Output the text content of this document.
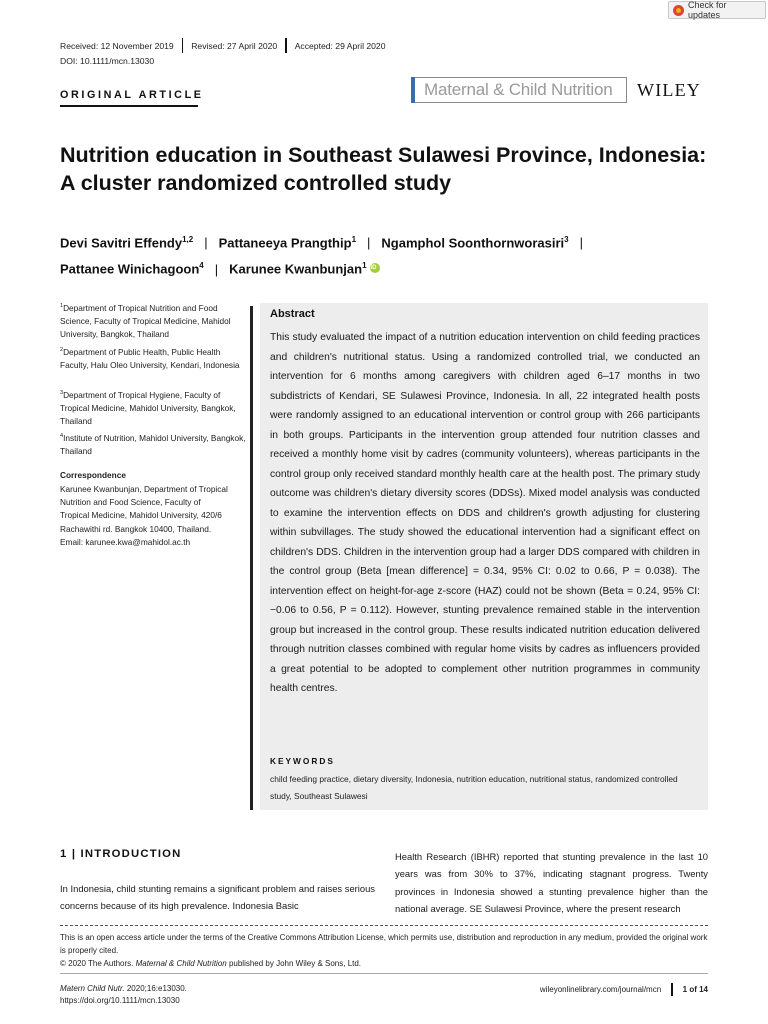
Check for updates
Received: 12 November 2019 Revised: 27 April 2020 Accepted: 29 April 2020
DOI: 10.1111/mcn.13030
ORIGINAL ARTICLE	Maternal & Child Nutrition WILEY
Nutrition education in Southeast Sulawesi Province, Indonesia:
A cluster randomized controlled study
Devi Savitri Effendy$^{1,2}$ | Pattaneeya Prangthip$^1$ | Ngamphol Soonthornworasiri$^3$ |
Pattanee Winichagoon$^4$ | Karunee Kwanbunjan$^1$iD
$^1$Department of Tropical Nutrition and Food Science, Faculty of Tropical Medicine, Mahidol University, Bangkok, Thailand
$^2$Department of Public Health, Public Health Faculty, Halu Oleo University, Kendari, Indonesia
$^3$Department of Tropical Hygiene, Faculty of Tropical Medicine, Mahidol University, Bangkok, Thailand
$^4$Institute of Nutrition, Mahidol University, Bangkok, Thailand
Correspondence
Karunee Kwanbunjan, Department of Tropical
Nutrition and Food Science, Faculty of
Tropical Medicine, Mahidol University, 420/6
Rachawithi rd. Bangkok 10400, Thailand.
Email: karunee.kwa@mahidol.ac.th
Abstract
This study evaluated the impact of a nutrition education intervention on child feeding practices and children's nutritional status. Using a randomized controlled trial, we conducted an intervention for 6 months among caregivers with children aged 6–17 months in two subdistricts of Kendari, SE Sulawesi Province, Indonesia. In all, 22 integrated health posts were randomly assigned to an educational intervention or control group with 266 participants in both groups. Participants in the intervention group attended four nutrition classes and received a monthly home visit by cadres (community volunteers), whereas participants in the control group only received standard monthly health care at the health post. The primary study outcome was children's dietary diversity scores (DDSs). Mixed model analysis was conducted to examine the intervention effects on DDS and children's growth adjusting for clustering within subvillages. The study showed the educational intervention had a significant effect on children's DDS. Children in the intervention group had a larger DDS compared with children in the control group (Beta [mean difference] = 0.34, 95% CI: 0.02 to 0.66, P = 0.038). The intervention effect on height-for-age z-score (HAZ) could not be shown (Beta = 0.24, 95% CI: −0.06 to 0.56, P = 0.112). However, stunting prevalence remained stable in the intervention group but increased in the control group. These results indicated nutrition education delivered through nutrition classes combined with regular home visits by cadres as influencers provided a great potential to be adopted to complement other nutrition programmes in community health centres.
KEYWORDS
child feeding practice, dietary diversity, Indonesia, nutrition education, nutritional status, randomized controlled study, Southeast Sulawesi
1 | INTRODUCTION
In Indonesia, child stunting remains a significant problem and raises serious concerns because of its high prevalence. Indonesia Basic
Health Research (IBHR) reported that stunting prevalence in the last 10 years was from 30% to 37%, indicating stagnant progress. Twenty provinces in Indonesia showed a stunting prevalence higher than the national average. SE Sulawesi Province, where the present research
This is an open access article under the terms of the Creative Commons Attribution License, which permits use, distribution and reproduction in any medium, provided the original work is properly cited.
© 2020 The Authors. Maternal & Child Nutrition published by John Wiley & Sons, Ltd.
Matern Child Nutr. 2020;16:e13030.
https://doi.org/10.1111/mcn.13030
wileyonlinelibrary.com/journal/mcn	1 of 14
